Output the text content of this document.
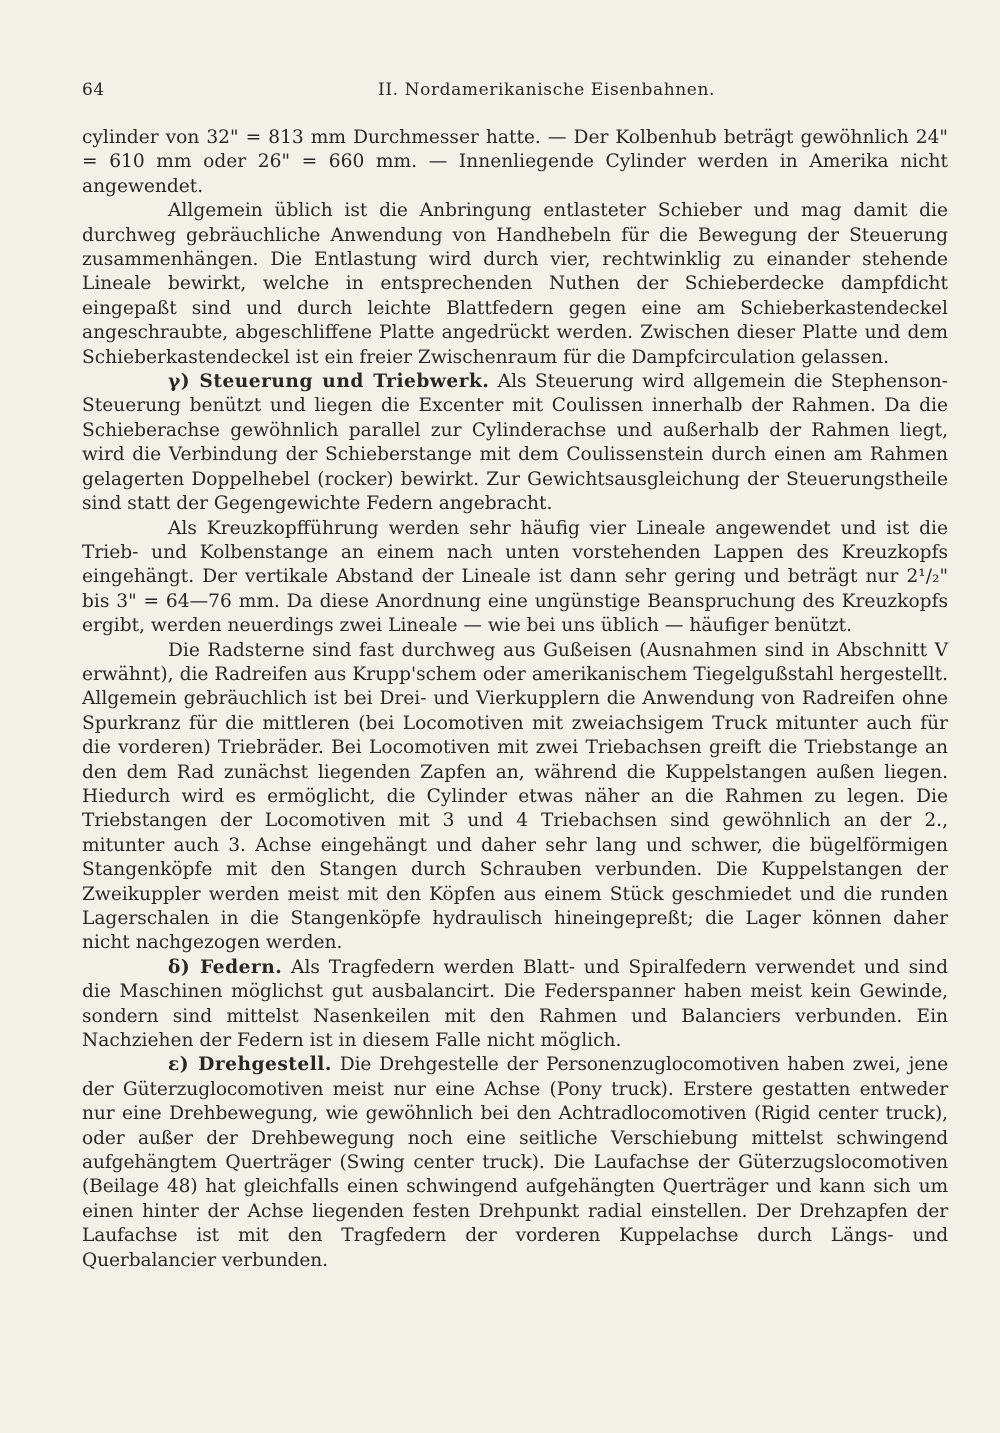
64	II. Nordamerikanische Eisenbahnen.

cylinder von 32" = 813 mm Durchmesser hatte. — Der Kolbenhub beträgt gewöhnlich 24" = 610 mm oder 26" = 660 mm. — Innenliegende Cylinder werden in Amerika nicht angewendet.

Allgemein üblich ist die Anbringung entlasteter Schieber und mag damit die durchweg gebräuchliche Anwendung von Handhebeln für die Bewegung der Steuerung zusammenhängen. Die Entlastung wird durch vier, rechtwinklig zu einander stehende Lineale bewirkt, welche in entsprechenden Nuthen der Schieberdecke dampfdicht eingepaßt sind und durch leichte Blattfedern gegen eine am Schieberkastendeckel angeschraubte, abgeschliffene Platte angedrückt werden. Zwischen dieser Platte und dem Schieberkastendeckel ist ein freier Zwischenraum für die Dampfcirculation gelassen.

γ) Steuerung und Triebwerk. Als Steuerung wird allgemein die Stephenson-Steuerung benützt und liegen die Excenter mit Coulissen innerhalb der Rahmen. Da die Schieberachse gewöhnlich parallel zur Cylinderachse und außerhalb der Rahmen liegt, wird die Verbindung der Schieberstange mit dem Coulissenstein durch einen am Rahmen gelagerten Doppelhebel (rocker) bewirkt. Zur Gewichtsausgleichung der Steuerungstheile sind statt der Gegengewichte Federn angebracht.

Als Kreuzkopfführung werden sehr häufig vier Lineale angewendet und ist die Trieb- und Kolbenstange an einem nach unten vorstehenden Lappen des Kreuzkopfs eingehängt. Der vertikale Abstand der Lineale ist dann sehr gering und beträgt nur 2¹/₂" bis 3" = 64—76 mm. Da diese Anordnung eine ungünstige Beanspruchung des Kreuzkopfs ergibt, werden neuerdings zwei Lineale — wie bei uns üblich — häufiger benützt.

Die Radsterne sind fast durchweg aus Gußeisen (Ausnahmen sind in Abschnitt V erwähnt), die Radreifen aus Krupp'schem oder amerikanischem Tiegelgußstahl hergestellt. Allgemein gebräuchlich ist bei Drei- und Vierkupplern die Anwendung von Radreifen ohne Spurkranz für die mittleren (bei Locomotiven mit zweiachsigem Truck mitunter auch für die vorderen) Triebräder. Bei Locomotiven mit zwei Triebachsen greift die Triebstange an den dem Rad zunächst liegenden Zapfen an, während die Kuppelstangen außen liegen. Hiedurch wird es ermöglicht, die Cylinder etwas näher an die Rahmen zu legen. Die Triebstangen der Locomotiven mit 3 und 4 Triebachsen sind gewöhnlich an der 2., mitunter auch 3. Achse eingehängt und daher sehr lang und schwer, die bügelförmigen Stangenköpfe mit den Stangen durch Schrauben verbunden. Die Kuppelstangen der Zweikuppler werden meist mit den Köpfen aus einem Stück geschmiedet und die runden Lagerschalen in die Stangenköpfe hydraulisch hineingepreßt; die Lager können daher nicht nachgezogen werden.

δ) Federn. Als Tragfedern werden Blatt- und Spiralfedern verwendet und sind die Maschinen möglichst gut ausbalancirt. Die Federspanner haben meist kein Gewinde, sondern sind mittelst Nasenkeilen mit den Rahmen und Balanciers verbunden. Ein Nachziehen der Federn ist in diesem Falle nicht möglich.

ε) Drehgestell. Die Drehgestelle der Personenzuglocomotiven haben zwei, jene der Güterzuglocomotiven meist nur eine Achse (Pony truck). Erstere gestatten entweder nur eine Drehbewegung, wie gewöhnlich bei den Achtradlocomotiven (Rigid center truck), oder außer der Drehbewegung noch eine seitliche Verschiebung mittelst schwingend aufgehängtem Querträger (Swing center truck). Die Laufachse der Güterzugslocomotiven (Beilage 48) hat gleichfalls einen schwingend aufgehängten Querträger und kann sich um einen hinter der Achse liegenden festen Drehpunkt radial einstellen. Der Drehzapfen der Laufachse ist mit den Tragfedern der vorderen Kuppelachse durch Längs- und Querbalancier verbunden.
